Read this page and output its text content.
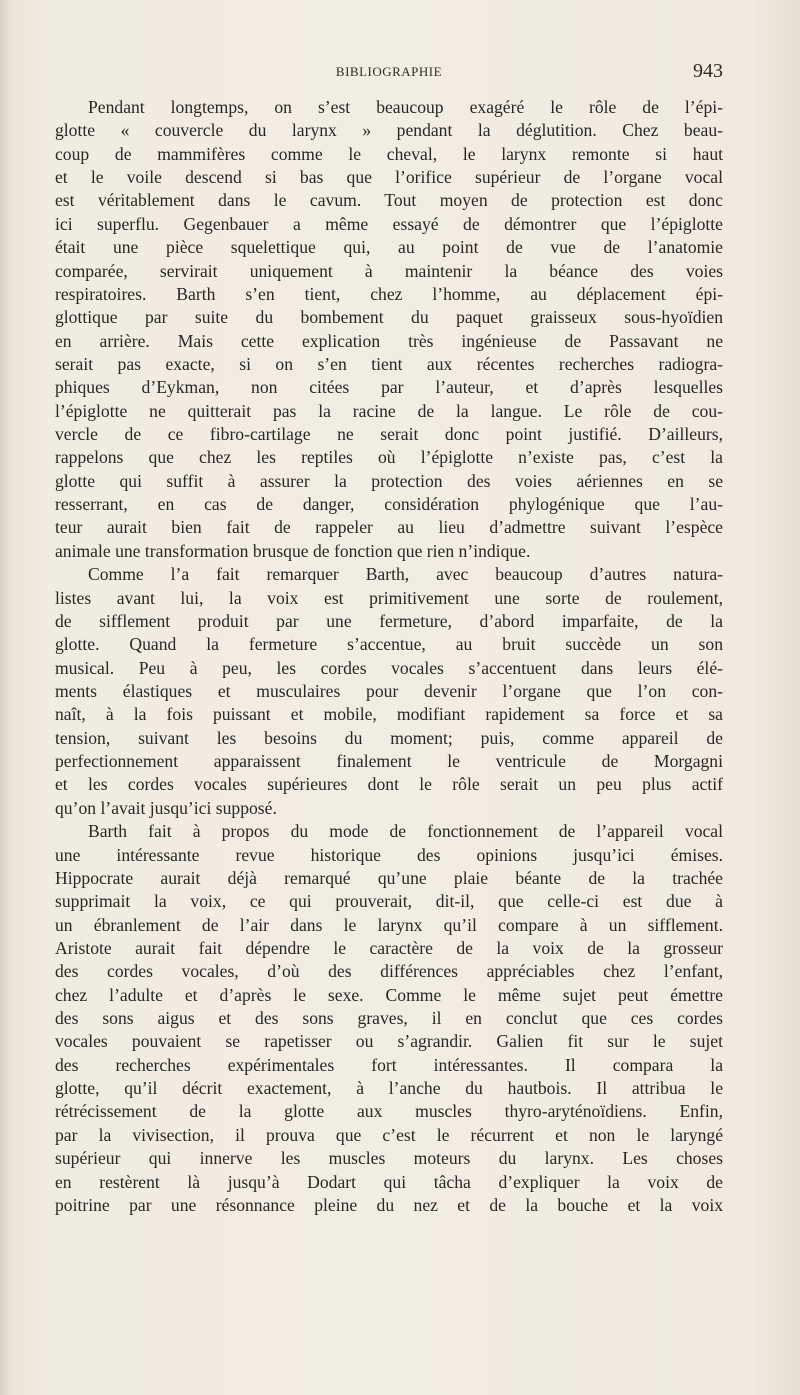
BIBLIOGRAPHIE	943
Pendant longtemps, on s’est beaucoup exagéré le rôle de l’épi-
glotte « couvercle du larynx » pendant la déglutition. Chez beau-
coup de mammifères comme le cheval, le larynx remonte si haut
et le voile descend si bas que l’orifice supérieur de l’organe vocal
est véritablement dans le cavum. Tout moyen de protection est donc
ici superflu. Gegenbauer a même essayé de démontrer que l’épiglotte
était une pièce squelettique qui, au point de vue de l’anatomie
comparée, servirait uniquement à maintenir la béance des voies
respiratoires. Barth s’en tient, chez l’homme, au déplacement épi-
glottique par suite du bombement du paquet graisseux sous-hyoïdien
en arrière. Mais cette explication très ingénieuse de Passavant ne
serait pas exacte, si on s’en tient aux récentes recherches radiogra-
phiques d’Eykman, non citées par l’auteur, et d’après lesquelles
l’épiglotte ne quitterait pas la racine de la langue. Le rôle de cou-
vercle de ce fibro-cartilage ne serait donc point justifié. D’ailleurs,
rappelons que chez les reptiles où l’épiglotte n’existe pas, c’est la
glotte qui suffit à assurer la protection des voies aériennes en se
resserrant, en cas de danger, considération phylogénique que l’au-
teur aurait bien fait de rappeler au lieu d’admettre suivant l’espèce
animale une transformation brusque de fonction que rien n’indique.
Comme l’a fait remarquer Barth, avec beaucoup d’autres natura-
listes avant lui, la voix est primitivement une sorte de roulement,
de sifflement produit par une fermeture, d’abord imparfaite, de la
glotte. Quand la fermeture s’accentue, au bruit succède un son
musical. Peu à peu, les cordes vocales s’accentuent dans leurs élé-
ments élastiques et musculaires pour devenir l’organe que l’on con-
naît, à la fois puissant et mobile, modifiant rapidement sa force et sa
tension, suivant les besoins du moment; puis, comme appareil de
perfectionnement apparaissent finalement le ventricule de Morgagni
et les cordes vocales supérieures dont le rôle serait un peu plus actif
qu’on l’avait jusqu’ici supposé.
Barth fait à propos du mode de fonctionnement de l’appareil vocal
une intéressante revue historique des opinions jusqu’ici émises.
Hippocrate aurait déjà remarqué qu’une plaie béante de la trachée
supprimait la voix, ce qui prouverait, dit-il, que celle-ci est due à
un ébranlement de l’air dans le larynx qu’il compare à un sifflement.
Aristote aurait fait dépendre le caractère de la voix de la grosseur
des cordes vocales, d’où des différences appréciables chez l’enfant,
chez l’adulte et d’après le sexe. Comme le même sujet peut émettre
des sons aigus et des sons graves, il en conclut que ces cordes
vocales pouvaient se rapetisser ou s’agrandir. Galien fit sur le sujet
des recherches expérimentales fort intéressantes. Il compara la
glotte, qu’il décrit exactement, à l’anche du hautbois. Il attribua le
rétrécissement de la glotte aux muscles thyro-aryténoïdiens. Enfin,
par la vivisection, il prouva que c’est le récurrent et non le laryngé
supérieur qui innerve les muscles moteurs du larynx. Les choses
en restèrent là jusqu’à Dodart qui tâcha d’expliquer la voix de
poitrine par une résonnance pleine du nez et de la bouche et la voix
